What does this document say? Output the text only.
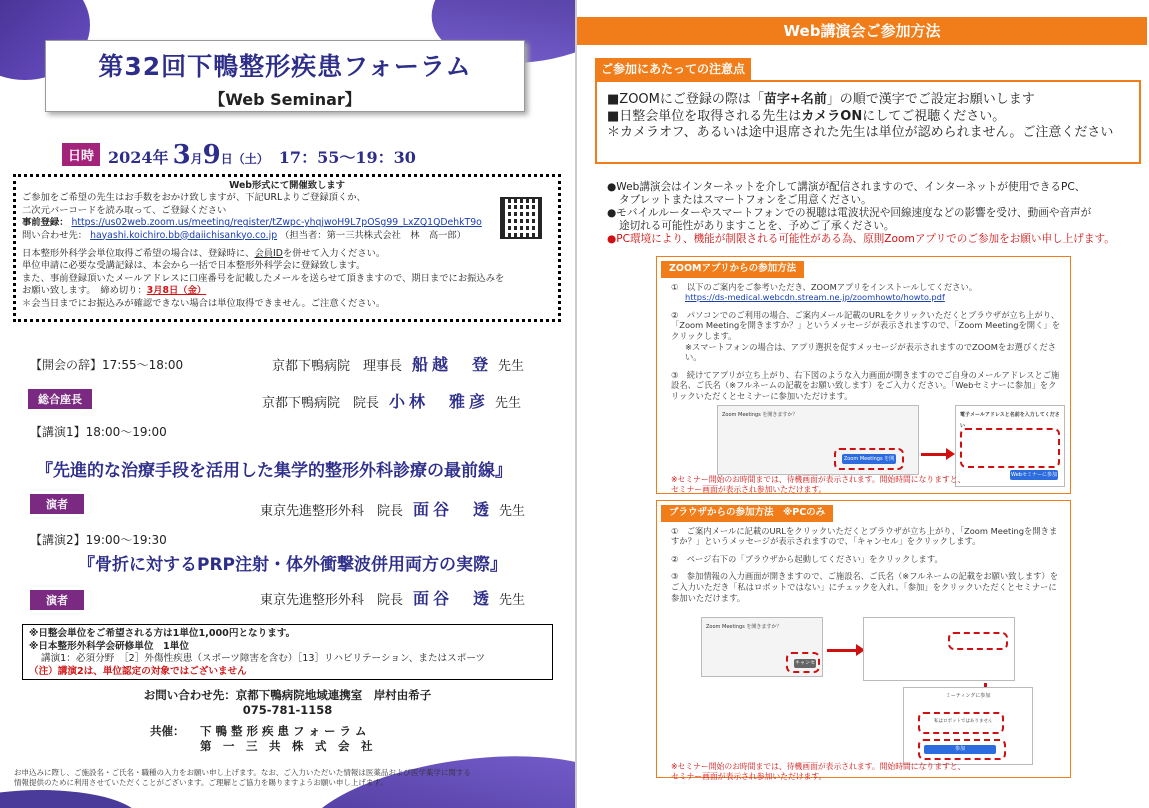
第32回下鴨整形疾患フォーラム
【Web Seminar】
日時 2024年 3 月 9 日 （土） 17：55～19：30
Web形式にて開催致します
ご参加をご希望の先生はお手数をおかけ致しますが、下記URLよりご登録頂くか、
二次元バーコードを読み取って、ご登録ください
事前登録： https://us02web.zoom.us/meeting/register/tZwpc-yhqjwoH9L7pOSg99_LxZQ1QDehkT9o
問い合わせ先： hayashi.koichiro.bb@daiichisankyo.co.jp （担当者：第一三共株式会社　林　高一郎）
日本整形外科学会単位取得ご希望の場合は、登録時に、会員IDを併せて入力ください。
単位申請に必要な受講記録は、本会から一括で日本整形外科学会に登録致します。
また、事前登録頂いたメールアドレスに口座番号を記載したメールを送らせて頂きますので、期日までにお振込みを
お願い致します。　締め切り：3月8日（金）
＊会当日までにお振込みが確認できない場合は単位取得できません。ご注意ください。
【開会の辞】17:55～18:00	京都下鴨病院　理事長 船越　登 先生
総合座長	京都下鴨病院　院長 小林　雅彦 先生
【講演1】18:00～19:00
『先進的な治療手段を活用した集学的整形外科診療の最前線』
演者	東京先進整形外科　院長 面谷　透 先生
【講演2】19:00～19:30
『骨折に対するPRP注射・体外衝撃波併用両方の実際』
演者	東京先進整形外科　院長 面谷　透 先生
※日整会単位をご希望される方は1単位1,000円となります。
※日本整形外科学会研修単位　1単位
講演1：必須分野　［2］外傷性疾患（スポーツ障害を含む）［13］リハビリテーション、またはスポーツ
（注）講演2は、単位認定の対象ではございません
お問い合わせ先：京都下鴨病院地域連携室　岸村由希子
075-781-1158
共催：	下 鴨 整 形 疾 患 フ ォ ー ラ ム
第　一　三　共　株　式　会　社
お申込みに際し、ご施設名・ご氏名・職種の入力をお願い申し上げます。なお、ご入力いただいた情報は医薬品および医学薬学に関する
情報提供のために利用させていただくことがございます。ご理解とご協力を賜りますようお願い申し上げます。
Web講演会ご参加方法
ご参加にあたっての注意点
■ZOOMにご登録の際は「苗字+名前」の順で漢字でご設定お願いします
■日整会単位を取得される先生はカメラONにしてご視聴ください。
＊カメラオフ、あるいは途中退席された先生は単位が認められません。ご注意ください
●Web講演会はインターネットを介して講演が配信されますので、インターネットが使用できるPC、
タブレットまたはスマートフォンをご用意ください。
●モバイルルーターやスマートフォンでの視聴は電波状況や回線速度などの影響を受け、動画や音声が
途切れる可能性がありますことを、予めご了承ください。
●PC環境により、機能が制限される可能性がある為、原則Zoomアプリでのご参加をお願い申し上げます。
ZOOMアプリからの参加方法
①　以下のご案内をご参考いただき、ZOOMアプリをインストールしてください。
https://ds-medical.webcdn.stream.ne.jp/zoomhowto/howto.pdf
②　パソコンでのご利用の場合、ご案内メール記載のURLをクリックいただくとブラウザが立ち上がり、「Zoom Meetingを開きますか？」というメッセージが表示されますので、「Zoom Meetingを開く」をクリックします。
※スマートフォンの場合は、アプリ選択を促すメッセージが表示されますのでZOOMをお選びください。
③　続けてアプリが立ち上がり、右下図のような入力画面が開きますのでご自身のメールアドレスとご施設名、ご氏名（※フルネームの記載をお願い致します）をご入力ください。「Webセミナーに参加」をクリックいただくとセミナーに参加いただけます。
Zoom Meetings を開きますか？
Zoom Meetings を開く
電子メールアドレスと名前を入力してください
Webセミナーに参加
※セミナー開始のお時間までは、待機画面が表示されます。開始時間になりますと、セミナー画面が表示され参加いただけます。
ブラウザからの参加方法　※PCのみ
①　ご案内メールに記載のURLをクリックいただくとブラウザが立ち上がり、「Zoom Meetingを開きますか？」というメッセージが表示されますので、「キャンセル」をクリックします。
②　ページ右下の「ブラウザから起動してください」をクリックします。
③　参加情報の入力画面が開きますので、ご施設名、ご氏名（※フルネームの記載をお願い致します）をご入力いただき「私はロボットではない」にチェックを入れ、「参加」をクリックいただくとセミナーに参加いただけます。
Zoom Meetings を開きますか？
キャンセル
ミーティングに参加
私はロボットではありません
参加
※セミナー開始のお時間までは、待機画面が表示されます。開始時間になりますと、セミナー画面が表示され参加いただけます。
